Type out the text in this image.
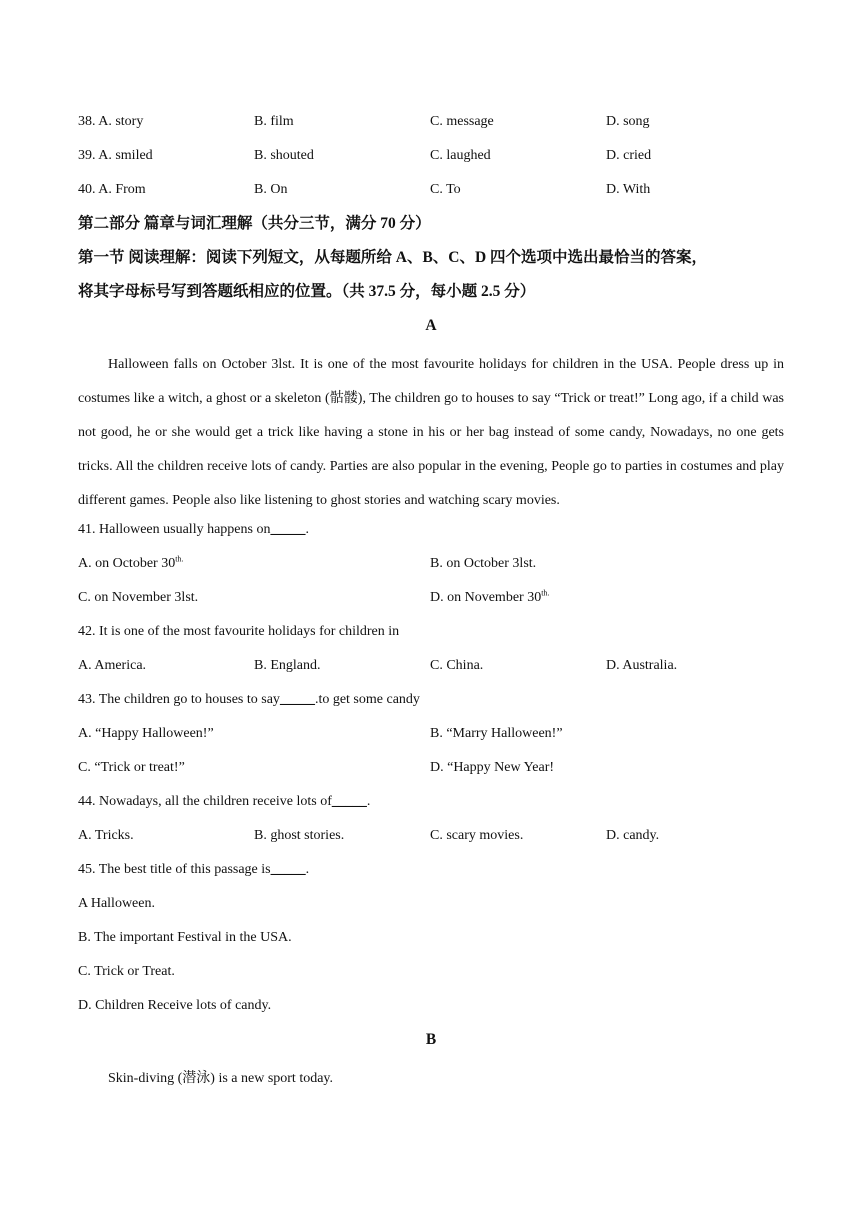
38. A. story	B. film	C. message	D. song
39. A. smiled	B. shouted	C. laughed	D. cried
40. A. From	B. On	C. To	D. With
第二部分 篇章与词汇理解（共分三节，满分 70 分）
第一节 阅读理解：阅读下列短文，从每题所给 A、B、C、D 四个选项中选出最恰当的答案，
将其字母标号写到答题纸相应的位置。（共 37.5 分，每小题 2.5 分）
A

Halloween falls on October 3lst. It is one of the most favourite holidays for children in the USA. People dress up in costumes like a witch, a ghost or a skeleton (骷髅), The children go to houses to say “Trick or treat!” Long ago, if a child was not good, he or she would get a trick like having a stone in his or her bag instead of some candy, Nowadays, no one gets tricks. All the children receive lots of candy. Parties are also popular in the evening, People go to parties in costumes and play different games. People also like listening to ghost stories and watching scary movies.

41. Halloween usually happens on_____.
A. on October $30^{th.}$	B. on October 3lst.
C. on November 3lst.	D. on November $30^{th.}$
42. It is one of the most favourite holidays for children in
A. America.	B. England.	C. China.	D. Australia.
43. The children go to houses to say_____.to get some candy
A. “Happy Halloween!”	B. “Marry Halloween!”
C. “Trick or treat!”	D. “Happy New Year!
44. Nowadays, all the children receive lots of_____.
A. Tricks.	B. ghost stories.	C. scary movies.	D. candy.
45. The best title of this passage is_____.
A Halloween.
B. The important Festival in the USA.
C. Trick or Treat.
D. Children Receive lots of candy.
B

Skin-diving (潜泳) is a new sport today.
